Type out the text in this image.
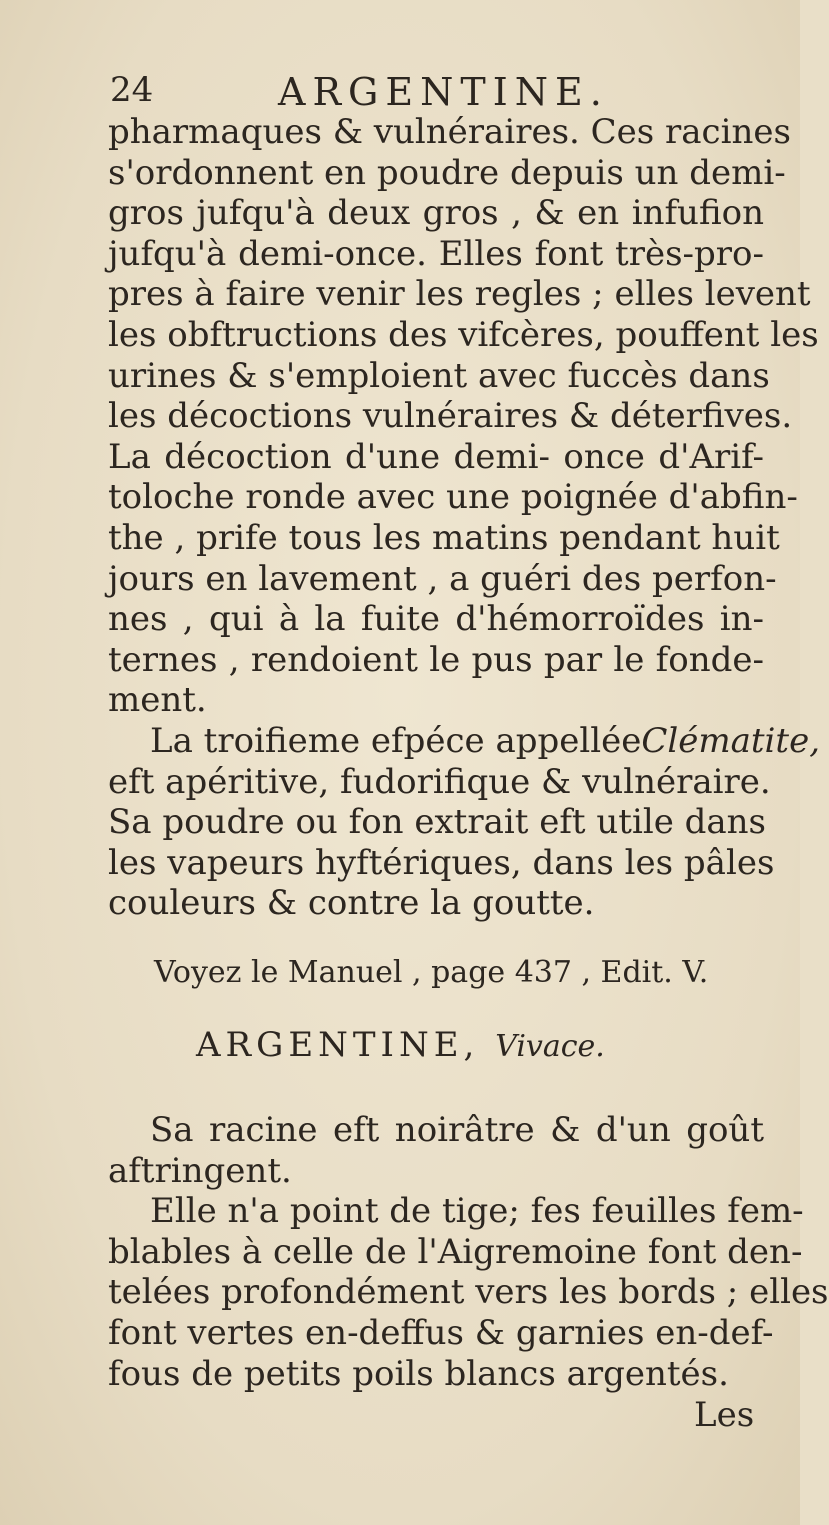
24	ARGENTINE.
pharmaques & vulnéraires. Ces racines
s'ordonnent en poudre depuis un demi-
gros jufqu'à deux gros , & en infufion
jufqu'à demi-once. Elles font très-pro-
pres à faire venir les regles ; elles levent
les obftructions des vifcères, pouffent les
urines & s'emploient avec fuccès dans
les décoctions vulnéraires & déterfives.
La décoction d'une demi- once d'Arif-
toloche ronde avec une poignée d'abfin-
the , prife tous les matins pendant huit
jours en lavement , a guéri des perfon-
nes , qui à la fuite d'hémorroïdes in-
ternes , rendoient le pus par le fonde-
ment.
La troifieme efpéce appelléeClématite,
eft apéritive, fudorifique & vulnéraire.
Sa poudre ou fon extrait eft utile dans
les vapeurs hyftériques, dans les pâles
couleurs & contre la goutte.
Voyez le Manuel , page 437 , Edit. V.
ARGENTINE, Vivace.
Sa racine eft noirâtre & d'un goût
aftringent.
Elle n'a point de tige; fes feuilles fem-
blables à celle de l'Aigremoine font den-
telées profondément vers les bords ; elles
font vertes en-deffus & garnies en-def-
fous de petits poils blancs argentés.
Les
